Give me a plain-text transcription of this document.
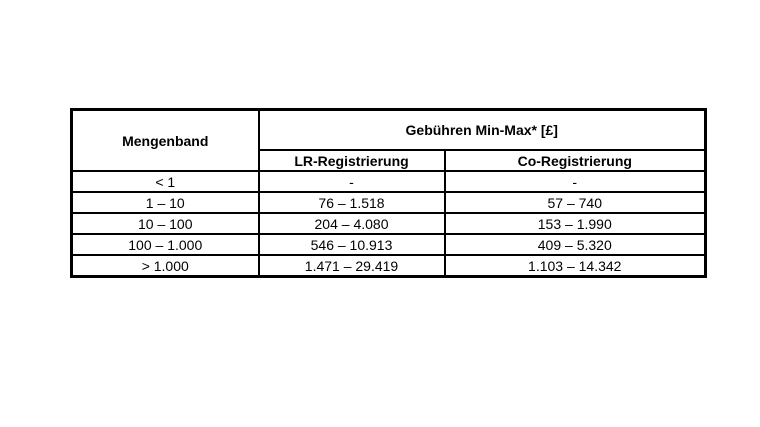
Mengenband	Gebühren Min-Max* [£]	
	LR-Registrierung	Co-Registrierung
< 1	-	-
1 – 10	76 – 1.518	57 – 740
10 – 100	204 – 4.080	153 – 1.990
100 – 1.000	546 – 10.913	409 – 5.320
> 1.000	1.471 – 29.419	1.103 – 14.342
